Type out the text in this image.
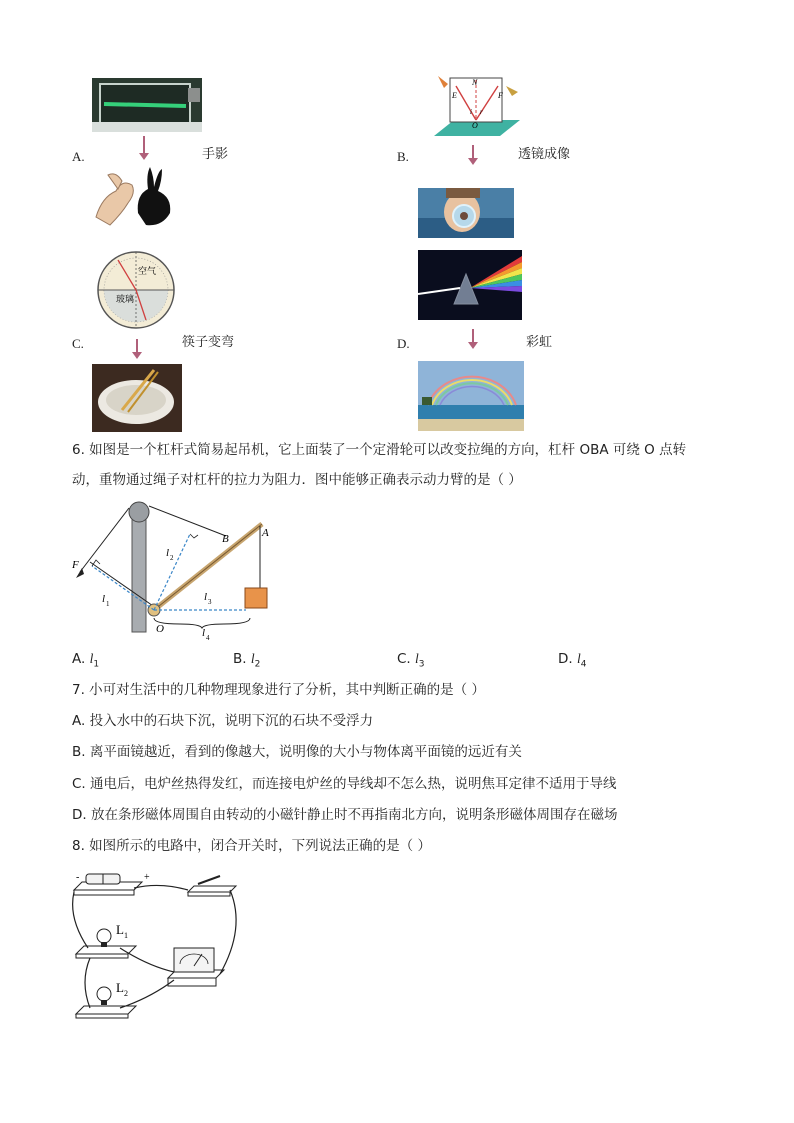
A.	手影
N
E	F
i r
O
B.	透镜成像
空气
玻璃
C.	筷子变弯	D.	彩虹
6. 如图是一个杠杆式简易起吊机，它上面装了一个定滑轮可以改变拉绳的方向，杠杆 OBA 可绕 O 点转
动，重物通过绳子对杠杆的拉力为阻力．图中能够正确表示动力臂的是（ ）
F
B	A
O
l 1
l 2
l 3
l 4
A. $l_1$	B. $l_2$	C. $l_3$	D. $l_4$
7. 小可对生活中的几种物理现象进行了分析，其中判断正确的是（ ）
A. 投入水中的石块下沉，说明下沉的石块不受浮力
B. 离平面镜越近，看到的像越大，说明像的大小与物体离平面镜的远近有关
C. 通电后，电炉丝热得发红，而连接电炉丝的导线却不怎么热，说明焦耳定律不适用于导线
D. 放在条形磁体周围自由转动的小磁针静止时不再指南北方向，说明条形磁体周围存在磁场
8. 如图所示的电路中，闭合开关时，下列说法正确的是（ ）
-	+
L 1
L 2
